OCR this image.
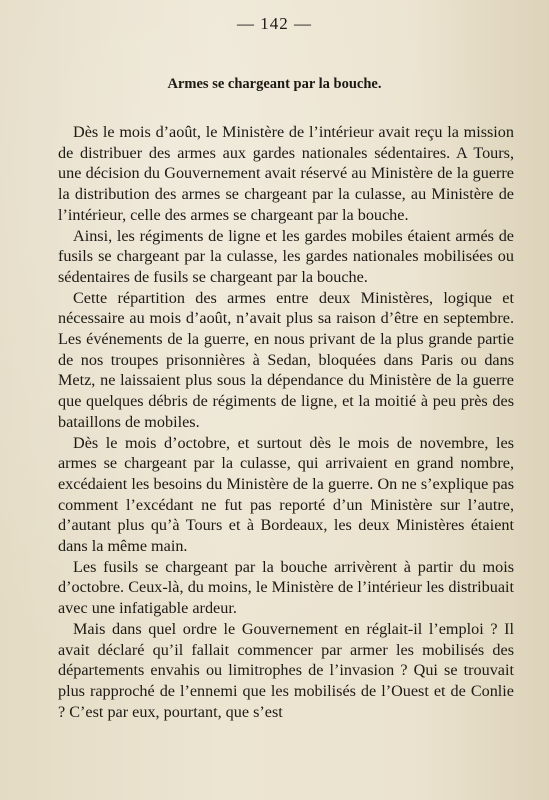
— 142 —
Armes se chargeant par la bouche.

Dès le mois d’août, le Ministère de l’intérieur avait reçu la mission de distribuer des armes aux gardes nationales sédentaires. A Tours, une décision du Gouvernement avait réservé au Ministère de la guerre la distribution des armes se chargeant par la culasse, au Ministère de l’intérieur, celle des armes se chargeant par la bouche.

Ainsi, les régiments de ligne et les gardes mobiles étaient armés de fusils se chargeant par la culasse, les gardes nationales mobilisées ou sédentaires de fusils se chargeant par la bouche.

Cette répartition des armes entre deux Ministères, logique et nécessaire au mois d’août, n’avait plus sa raison d’être en septembre. Les événements de la guerre, en nous privant de la plus grande partie de nos troupes prisonnières à Sedan, bloquées dans Paris ou dans Metz, ne laissaient plus sous la dépendance du Ministère de la guerre que quelques débris de régiments de ligne, et la moitié à peu près des bataillons de mobiles.

Dès le mois d’octobre, et surtout dès le mois de novembre, les armes se chargeant par la culasse, qui arrivaient en grand nombre, excédaient les besoins du Ministère de la guerre. On ne s’explique pas comment l’excédant ne fut pas reporté d’un Ministère sur l’autre, d’autant plus qu’à Tours et à Bordeaux, les deux Ministères étaient dans la même main.

Les fusils se chargeant par la bouche arrivèrent à partir du mois d’octobre. Ceux-là, du moins, le Ministère de l’intérieur les distribuait avec une infatigable ardeur.

Mais dans quel ordre le Gouvernement en réglait-il l’emploi ? Il avait déclaré qu’il fallait commencer par armer les mobilisés des départements envahis ou limitrophes de l’invasion ? Qui se trouvait plus rapproché de l’ennemi que les mobilisés de l’Ouest et de Conlie ? C’est par eux, pourtant, que s’est
